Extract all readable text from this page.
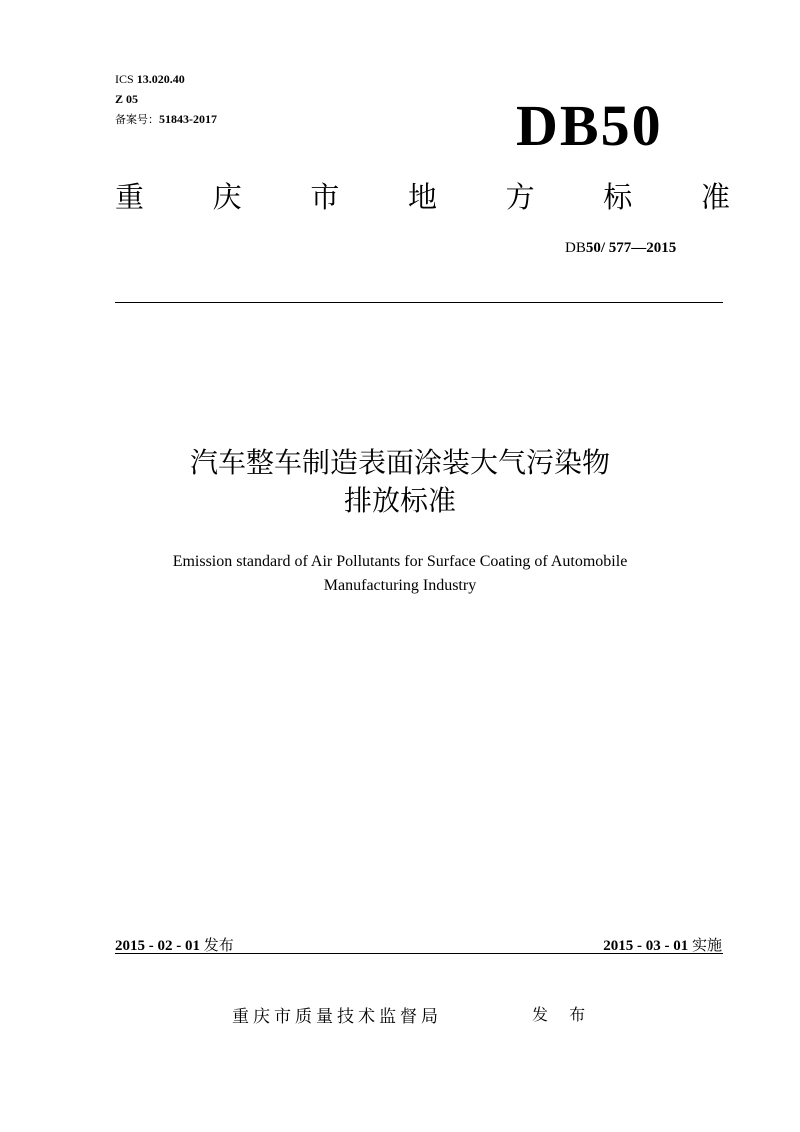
ICS 13.020.40
Z 05
备案号：51843-2017	DB50
重 庆 市 地 方 标 准
DB50/ 577—2015
汽车整车制造表面涂装大气污染物
排放标准
Emission standard of Air Pollutants for Surface Coating of Automobile
Manufacturing Industry
2015 - 02 - 01 发布	2015 - 03 - 01 实施
重庆市质量技术监督局	发 布
